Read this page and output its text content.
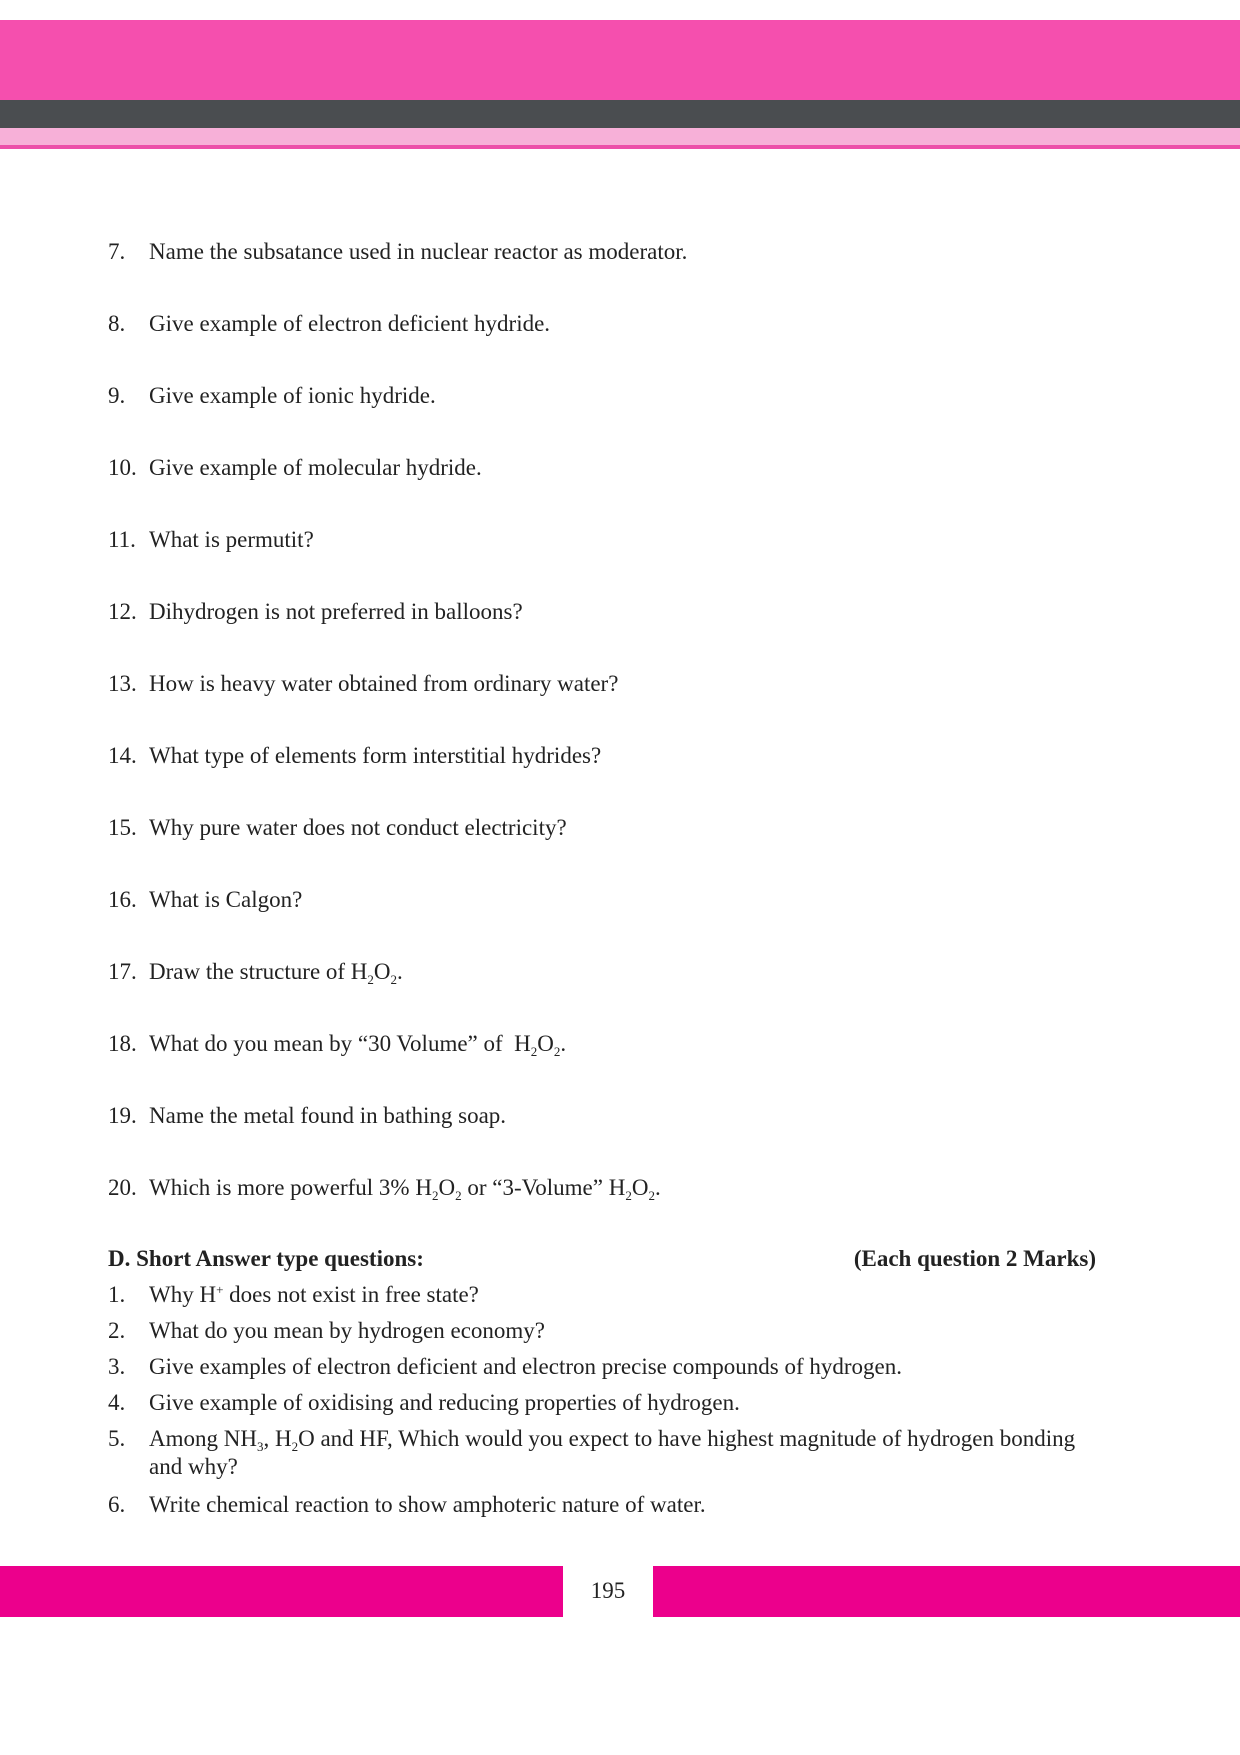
7. Name the subsatance used in nuclear reactor as moderator.
8. Give example of electron deficient hydride.
9. Give example of ionic hydride.
10. Give example of molecular hydride.
11. What is permutit?
12. Dihydrogen is not preferred in balloons?
13. How is heavy water obtained from ordinary water?
14. What type of elements form interstitial hydrides?
15. Why pure water does not conduct electricity?
16. What is Calgon?
17. Draw the structure of $H_2O_2$.
18. What do you mean by “30 Volume” of  $H_2O_2$.
19. Name the metal found in bathing soap.
20. Which is more powerful 3% $H_2O_2$ or “3-Volume” $H_2O_2$.
D. Short Answer type questions:	(Each question 2 Marks)
1. Why H+ does not exist in free state?
2. What do you mean by hydrogen economy?
3. Give examples of electron deficient and electron precise compounds of hydrogen.
4. Give example of oxidising and reducing properties of hydrogen.
5. Among $NH_3$, $H_2O$ and HF, Which would you expect to have highest magnitude of hydrogen bonding and why?
6. Write chemical reaction to show amphoteric nature of water.
195
